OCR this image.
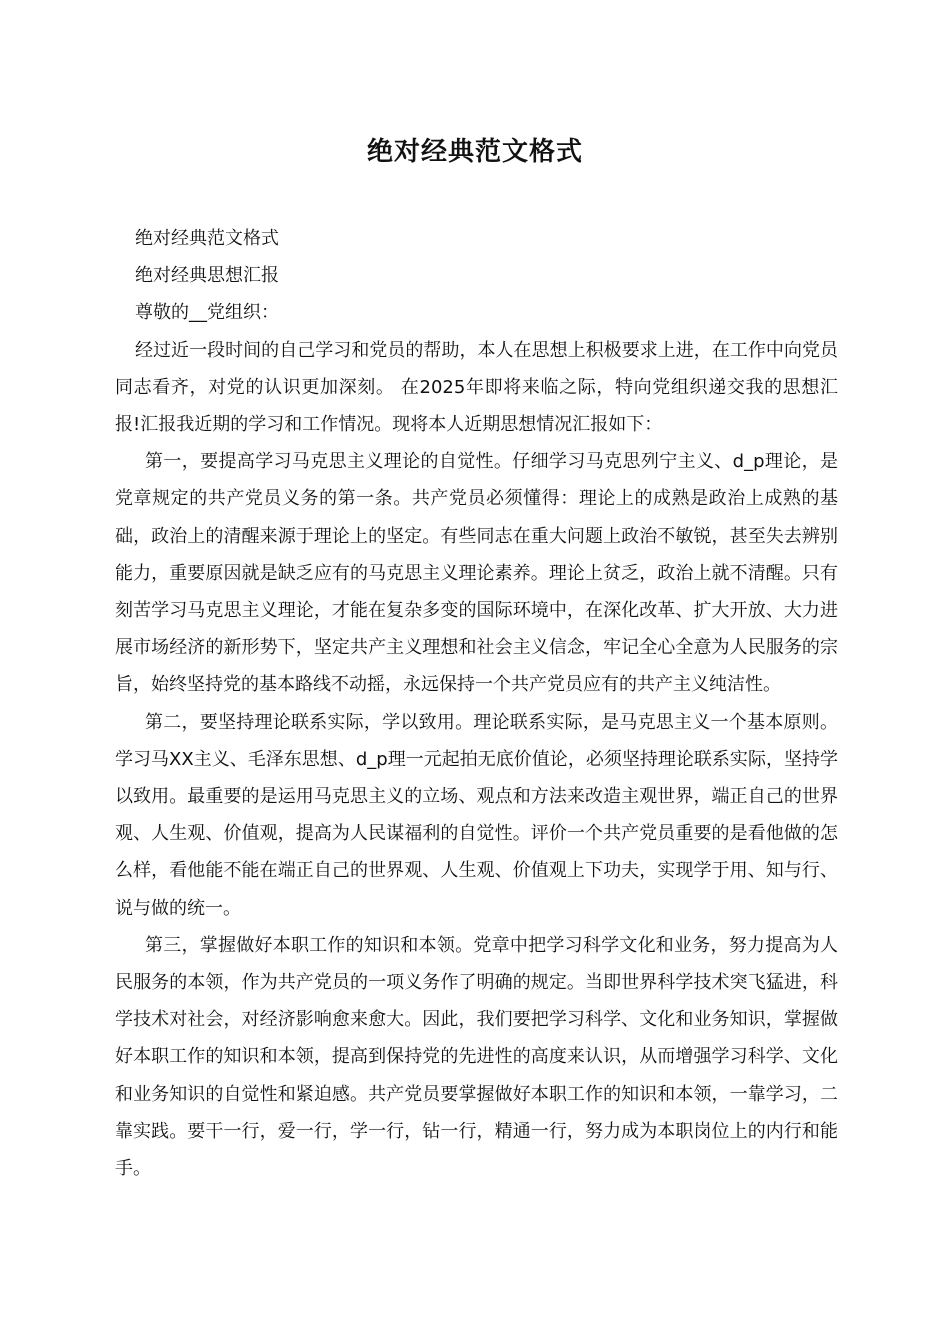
绝对经典范文格式

绝对经典范文格式

绝对经典思想汇报

尊敬的__党组织：

经过近一段时间的自己学习和党员的帮助，本人在思想上积极要求上进，在工作中向党员同志看齐，对党的认识更加深刻。 在2025年即将来临之际，特向党组织递交我的思想汇报!汇报我近期的学习和工作情况。现将本人近期思想情况汇报如下：

第一，要提高学习马克思主义理论的自觉性。仔细学习马克思列宁主义、d_p理论，是党章规定的共产党员义务的第一条。共产党员必须懂得：理论上的成熟是政治上成熟的基础，政治上的清醒来源于理论上的坚定。有些同志在重大问题上政治不敏锐，甚至失去辨别能力，重要原因就是缺乏应有的马克思主义理论素养。理论上贫乏，政治上就不清醒。只有刻苦学习马克思主义理论，才能在复杂多变的国际环境中，在深化改革、扩大开放、大力进展市场经济的新形势下，坚定共产主义理想和社会主义信念，牢记全心全意为人民服务的宗旨，始终坚持党的基本路线不动摇，永远保持一个共产党员应有的共产主义纯洁性。

第二，要坚持理论联系实际，学以致用。理论联系实际，是马克思主义一个基本原则。学习马XX主义、毛泽东思想、d_p理一元起拍无底价值论，必须坚持理论联系实际，坚持学以致用。最重要的是运用马克思主义的立场、观点和方法来改造主观世界，端正自己的世界观、人生观、价值观，提高为人民谋福利的自觉性。评价一个共产党员重要的是看他做的怎么样，看他能不能在端正自己的世界观、人生观、价值观上下功夫，实现学于用、知与行、说与做的统一。

第三，掌握做好本职工作的知识和本领。党章中把学习科学文化和业务，努力提高为人民服务的本领，作为共产党员的一项义务作了明确的规定。当即世界科学技术突飞猛进，科学技术对社会，对经济影响愈来愈大。因此，我们要把学习科学、文化和业务知识，掌握做好本职工作的知识和本领，提高到保持党的先进性的高度来认识，从而增强学习科学、文化和业务知识的自觉性和紧迫感。共产党员要掌握做好本职工作的知识和本领，一靠学习，二靠实践。要干一行，爱一行，学一行，钻一行，精通一行，努力成为本职岗位上的内行和能手。
